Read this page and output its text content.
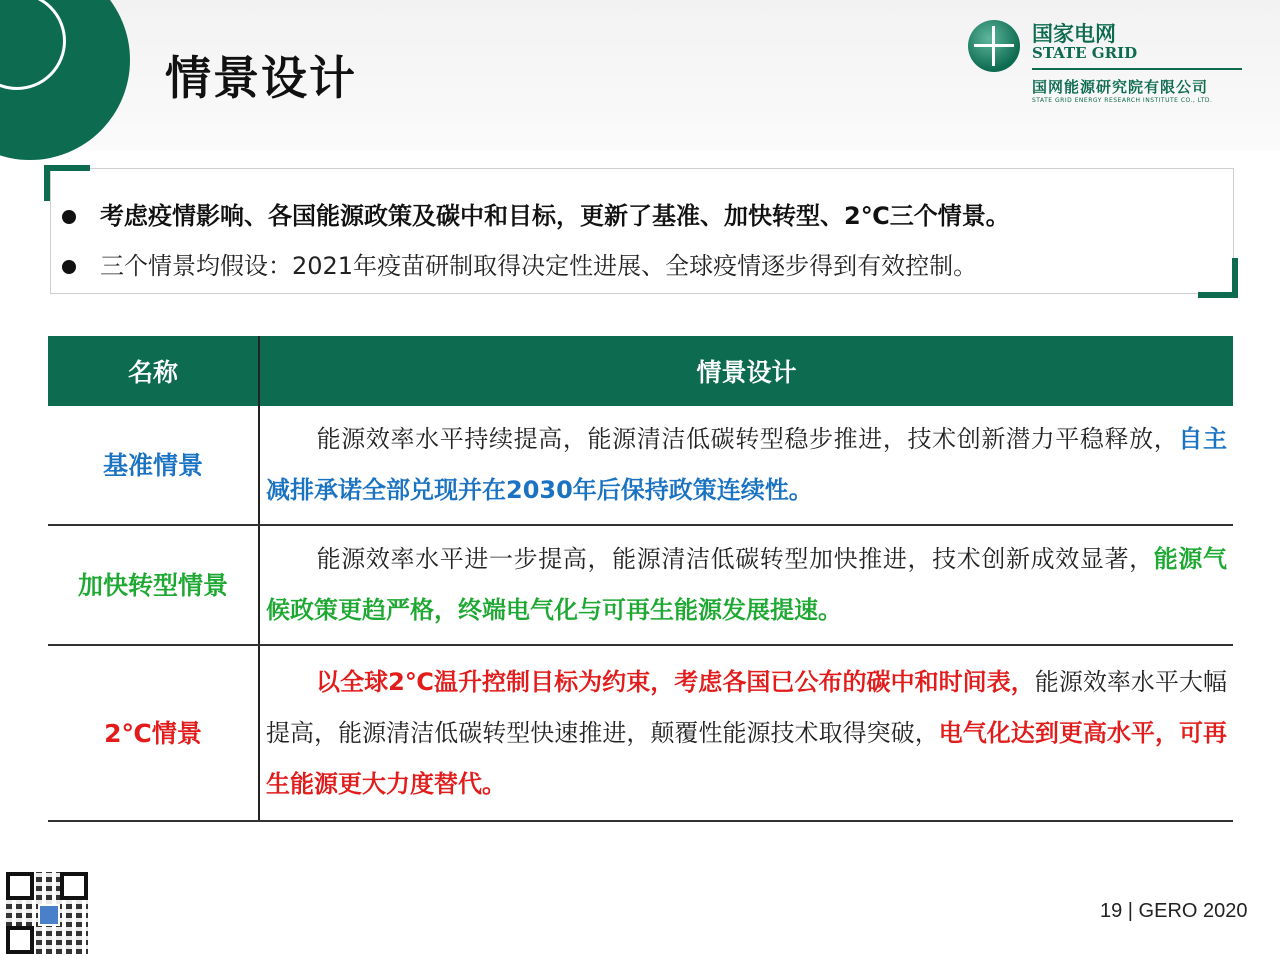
情景设计
国家电网
STATE GRID
国网能源研究院有限公司
STATE GRID ENERGY RESEARCH INSTITUTE CO., LTD.
考虑疫情影响、各国能源政策及碳中和目标，更新了基准、加快转型、2℃三个情景。
三个情景均假设：2021年疫苗研制取得决定性进展、全球疫情逐步得到有效控制。
名称	情景设计
基准情景	能源效率水平持续提高，能源清洁低碳转型稳步推进，技术创新潜力平稳释放，自主减排承诺全部兑现并在2030年后保持政策连续性。
加快转型情景	能源效率水平进一步提高，能源清洁低碳转型加快推进，技术创新成效显著，能源气候政策更趋严格，终端电气化与可再生能源发展提速。
2℃情景	以全球2℃温升控制目标为约束，考虑各国已公布的碳中和时间表，能源效率水平大幅提高，能源清洁低碳转型快速推进，颠覆性能源技术取得突破，电气化达到更高水平，可再生能源更大力度替代。
19 | GERO 2020
